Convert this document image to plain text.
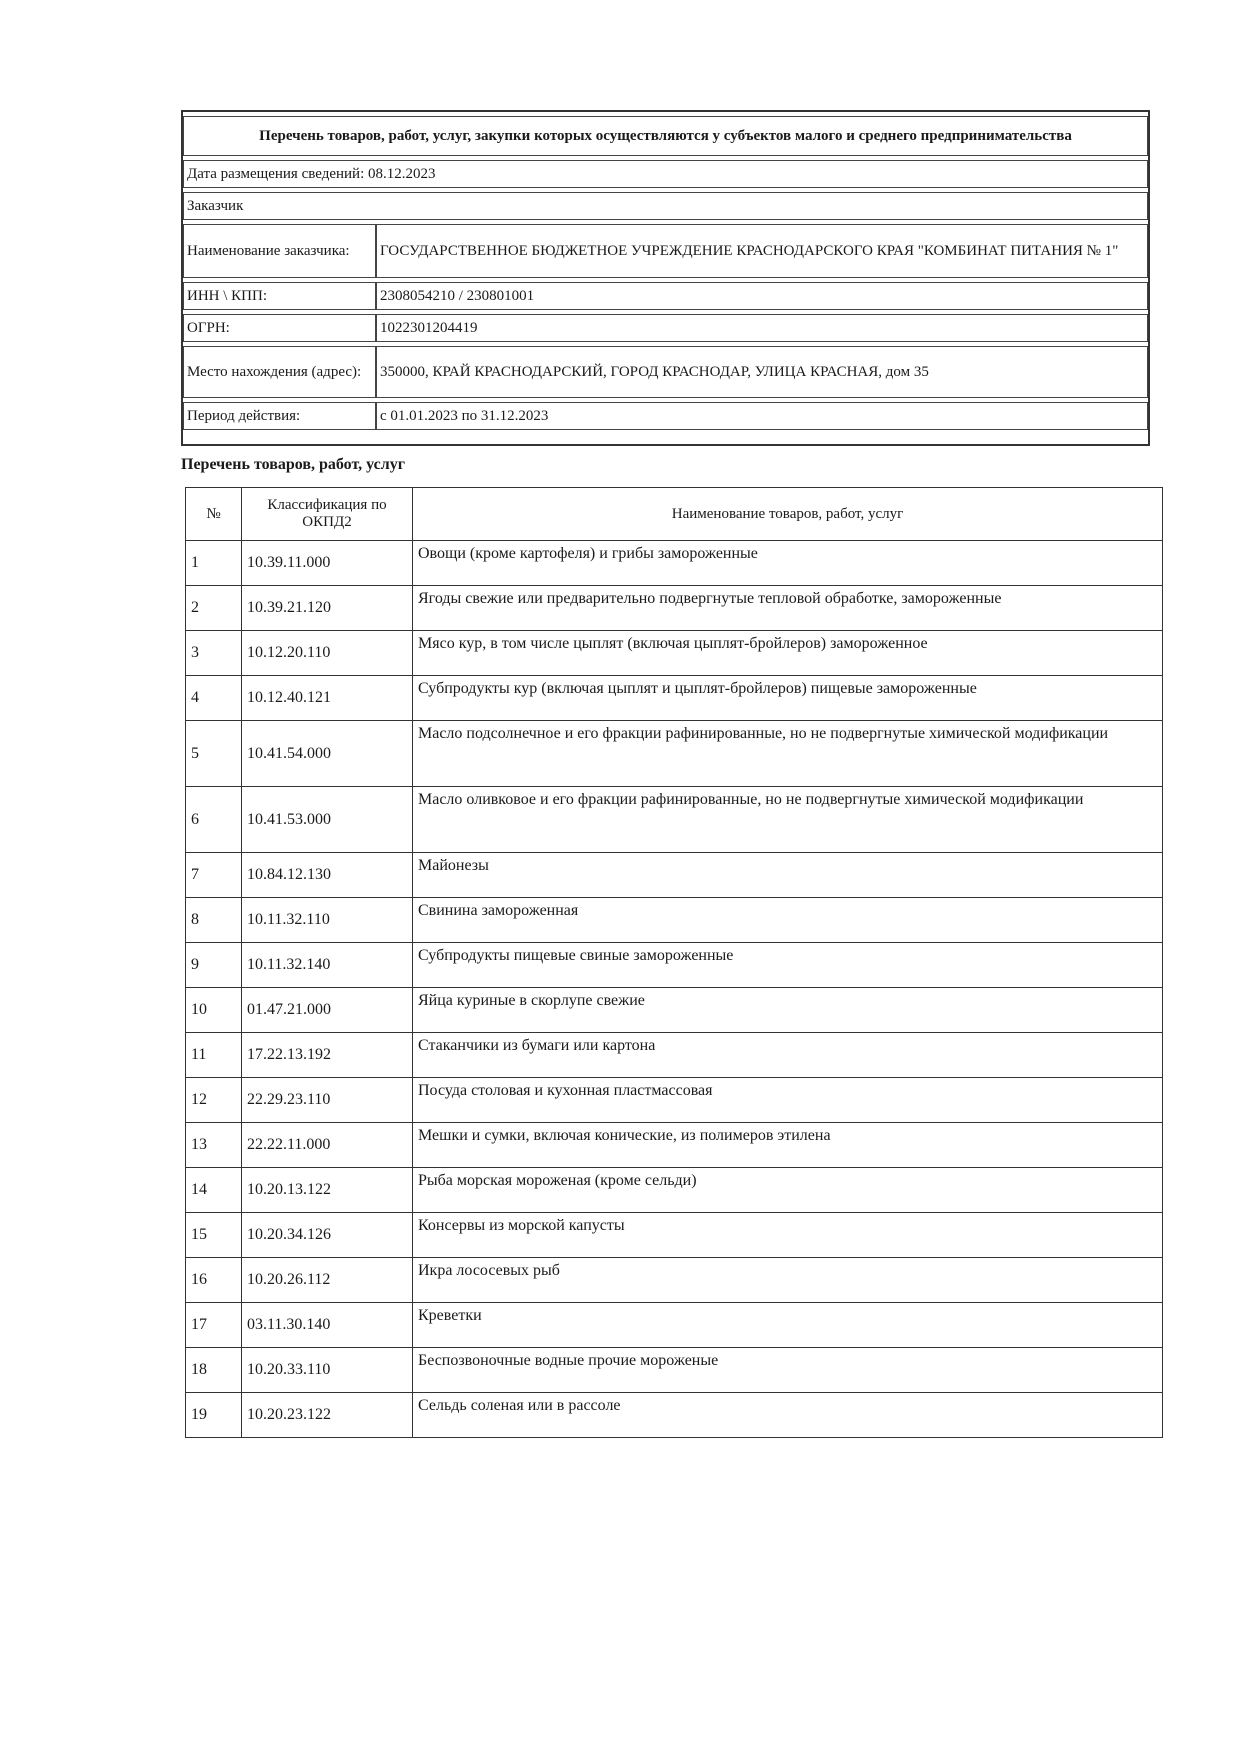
Перечень товаров, работ, услуг, закупки которых осуществляются у субъектов малого и среднего предпринимательства	
Дата размещения сведений: 08.12.2023	
Заказчик	
Наименование заказчика:	ГОСУДАРСТВЕННОЕ БЮДЖЕТНОЕ УЧРЕЖДЕНИЕ КРАСНОДАРСКОГО КРАЯ "КОМБИНАТ ПИТАНИЯ № 1"
ИНН \ КПП:	2308054210 / 230801001
ОГРН:	1022301204419
Место нахождения (адрес):	350000, КРАЙ КРАСНОДАРСКИЙ, ГОРОД КРАСНОДАР, УЛИЦА КРАСНАЯ, дом 35
Период действия:	с 01.01.2023 по 31.12.2023
Перечень товаров, работ, услуг
№	Классификация по ОКПД2	Наименование товаров, работ, услуг
1	10.39.11.000	Овощи (кроме картофеля) и грибы замороженные
2	10.39.21.120	Ягоды свежие или предварительно подвергнутые тепловой обработке, замороженные
3	10.12.20.110	Мясо кур, в том числе цыплят (включая цыплят-бройлеров) замороженное
4	10.12.40.121	Субпродукты кур (включая цыплят и цыплят-бройлеров) пищевые замороженные
5	10.41.54.000	Масло подсолнечное и его фракции рафинированные, но не подвергнутые химической модификации
6	10.41.53.000	Масло оливковое и его фракции рафинированные, но не подвергнутые химической модификации
7	10.84.12.130	Майонезы
8	10.11.32.110	Свинина замороженная
9	10.11.32.140	Субпродукты пищевые свиные замороженные
10	01.47.21.000	Яйца куриные в скорлупе свежие
11	17.22.13.192	Стаканчики из бумаги или картона
12	22.29.23.110	Посуда столовая и кухонная пластмассовая
13	22.22.11.000	Мешки и сумки, включая конические, из полимеров этилена
14	10.20.13.122	Рыба морская мороженая (кроме сельди)
15	10.20.34.126	Консервы из морской капусты
16	10.20.26.112	Икра лососевых рыб
17	03.11.30.140	Креветки
18	10.20.33.110	Беспозвоночные водные прочие мороженые
19	10.20.23.122	Сельдь соленая или в рассоле
